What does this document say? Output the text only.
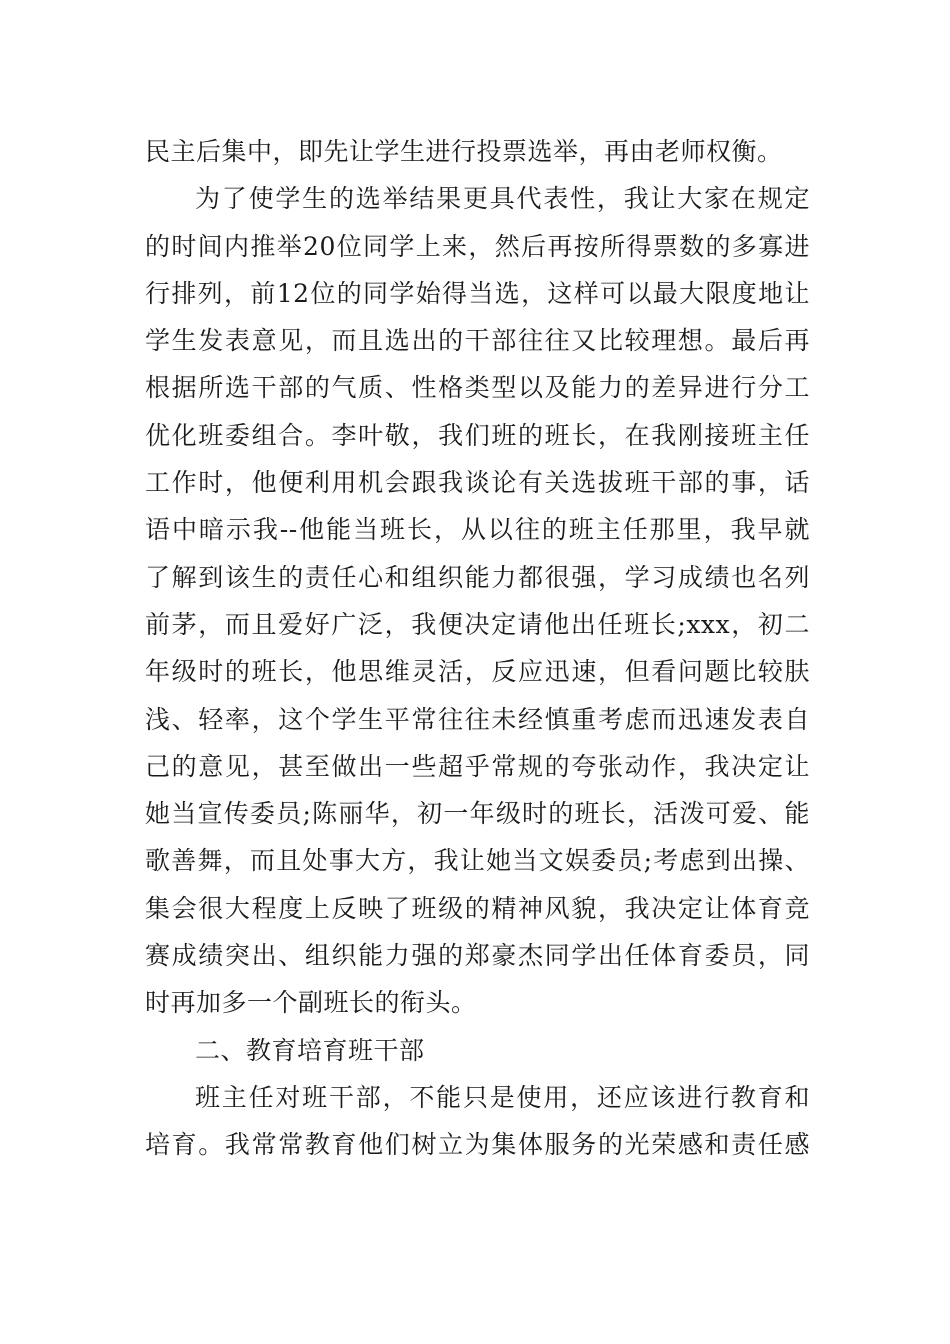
民主后集中，即先让学生进行投票选举，再由老师权衡。
为了使学生的选举结果更具代表性，我让大家在规定
的时间内推举20位同学上来，然后再按所得票数的多寡进
行排列，前12位的同学始得当选，这样可以最大限度地让
学生发表意见，而且选出的干部往往又比较理想。最后再
根据所选干部的气质、性格类型以及能力的差异进行分工
优化班委组合。李叶敬，我们班的班长，在我刚接班主任
工作时，他便利用机会跟我谈论有关选拔班干部的事，话
语中暗示我--他能当班长，从以往的班主任那里，我早就
了解到该生的责任心和组织能力都很强，学习成绩也名列
前茅，而且爱好广泛，我便决定请他出任班长;xxx，初二
年级时的班长，他思维灵活，反应迅速，但看问题比较肤
浅、轻率，这个学生平常往往未经慎重考虑而迅速发表自
己的意见，甚至做出一些超乎常规的夸张动作，我决定让
她当宣传委员;陈丽华，初一年级时的班长，活泼可爱、能
歌善舞，而且处事大方，我让她当文娱委员;考虑到出操、
集会很大程度上反映了班级的精神风貌，我决定让体育竞
赛成绩突出、组织能力强的郑豪杰同学出任体育委员，同
时再加多一个副班长的衔头。
二、教育培育班干部
班主任对班干部，不能只是使用，还应该进行教育和
培育。我常常教育他们树立为集体服务的光荣感和责任感
